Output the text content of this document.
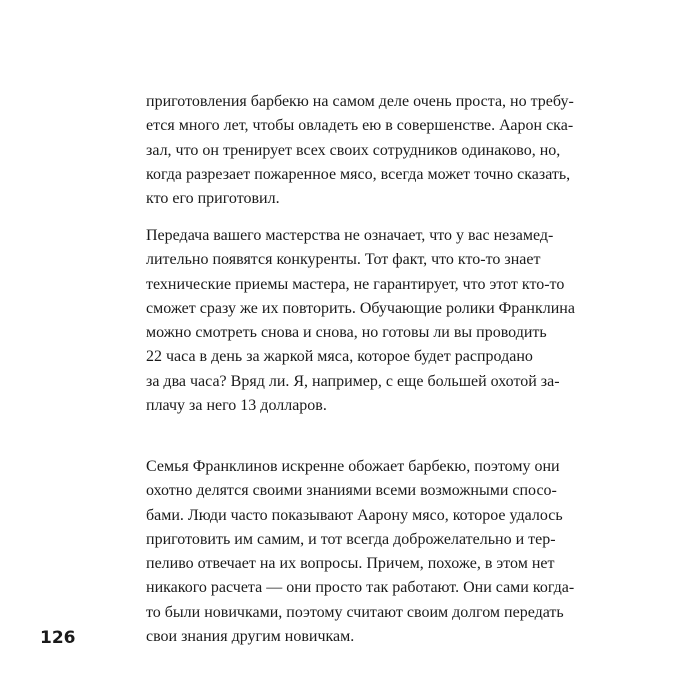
приготовления барбекю на самом деле очень проста, но требу-
ется много лет, чтобы овладеть ею в совершенстве. Аарон ска-
зал, что он тренирует всех своих сотрудников одинаково, но,
когда разрезает пожаренное мясо, всегда может точно сказать,
кто его приготовил.
Передача вашего мастерства не означает, что у вас незамед-
лительно появятся конкуренты. Тот факт, что кто-то знает
технические приемы мастера, не гарантирует, что этот кто-то
сможет сразу же их повторить. Обучающие ролики Франклина
можно смотреть снова и снова, но готовы ли вы проводить
22 часа в день за жаркой мяса, которое будет распродано
за два часа? Вряд ли. Я, например, с еще большей охотой за-
плачу за него 13 долларов.
Семья Франклинов искренне обожает барбекю, поэтому они
охотно делятся своими знаниями всеми возможными спосо-
бами. Люди часто показывают Аарону мясо, которое удалось
приготовить им самим, и тот всегда доброжелательно и тер-
пеливо отвечает на их вопросы. Причем, похоже, в этом нет
никакого расчета — они просто так работают. Они сами когда-
то были новичками, поэтому считают своим долгом передать
свои знания другим новичкам.
126
